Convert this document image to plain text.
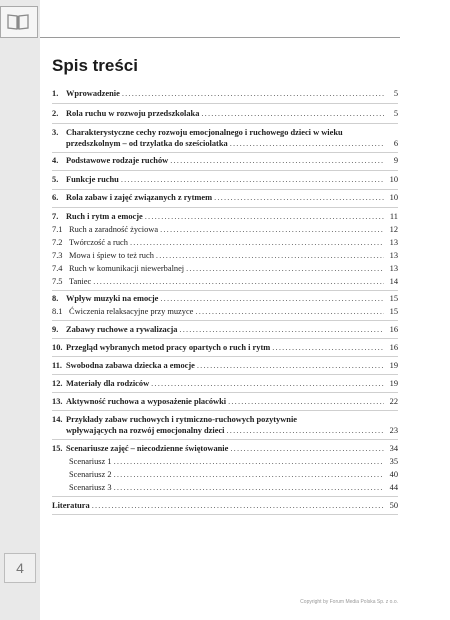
4
Spis treści
1. Wprowadzenie .....	5
2. Rola ruchu w rozwoju przedszkolaka .....	5
3. Charakterystyczne cechy rozwoju emocjonalnego i ruchowego dzieci w wieku
przedszkolnym – od trzylatka do sześciolatka .....	6
4. Podstawowe rodzaje ruchów .....	9
5. Funkcje ruchu .....	10
6. Rola zabaw i zajęć związanych z rytmem .....	10
7. Ruch i rytm a emocje .....	11
7.1 Ruch a zaradność życiowa .....	12
7.2 Twórczość a ruch .....	13
7.3 Mowa i śpiew to też ruch .....	13
7.4 Ruch w komunikacji niewerbalnej .....	13
7.5 Taniec .....	14
8. Wpływ muzyki na emocje .....	15
8.1 Ćwiczenia relaksacyjne przy muzyce .....	15
9. Zabawy ruchowe a rywalizacja .....	16
10. Przegląd wybranych metod pracy opartych o ruch i rytm .....	16
11. Swobodna zabawa dziecka a emocje .....	19
12. Materiały dla rodziców .....	19
13. Aktywność ruchowa a wyposażenie placówki .....	22
14. Przykłady zabaw ruchowych i rytmiczno-ruchowych pozytywnie
wpływających na rozwój emocjonalny dzieci .....	23
15. Scenariusze zajęć – niecodzienne świętowanie .....	34
Scenariusz 1 .....	35
Scenariusz 2 .....	40
Scenariusz 3 .....	44
Literatura .....	50
Copyright by Forum Media Polska Sp. z o.o.
